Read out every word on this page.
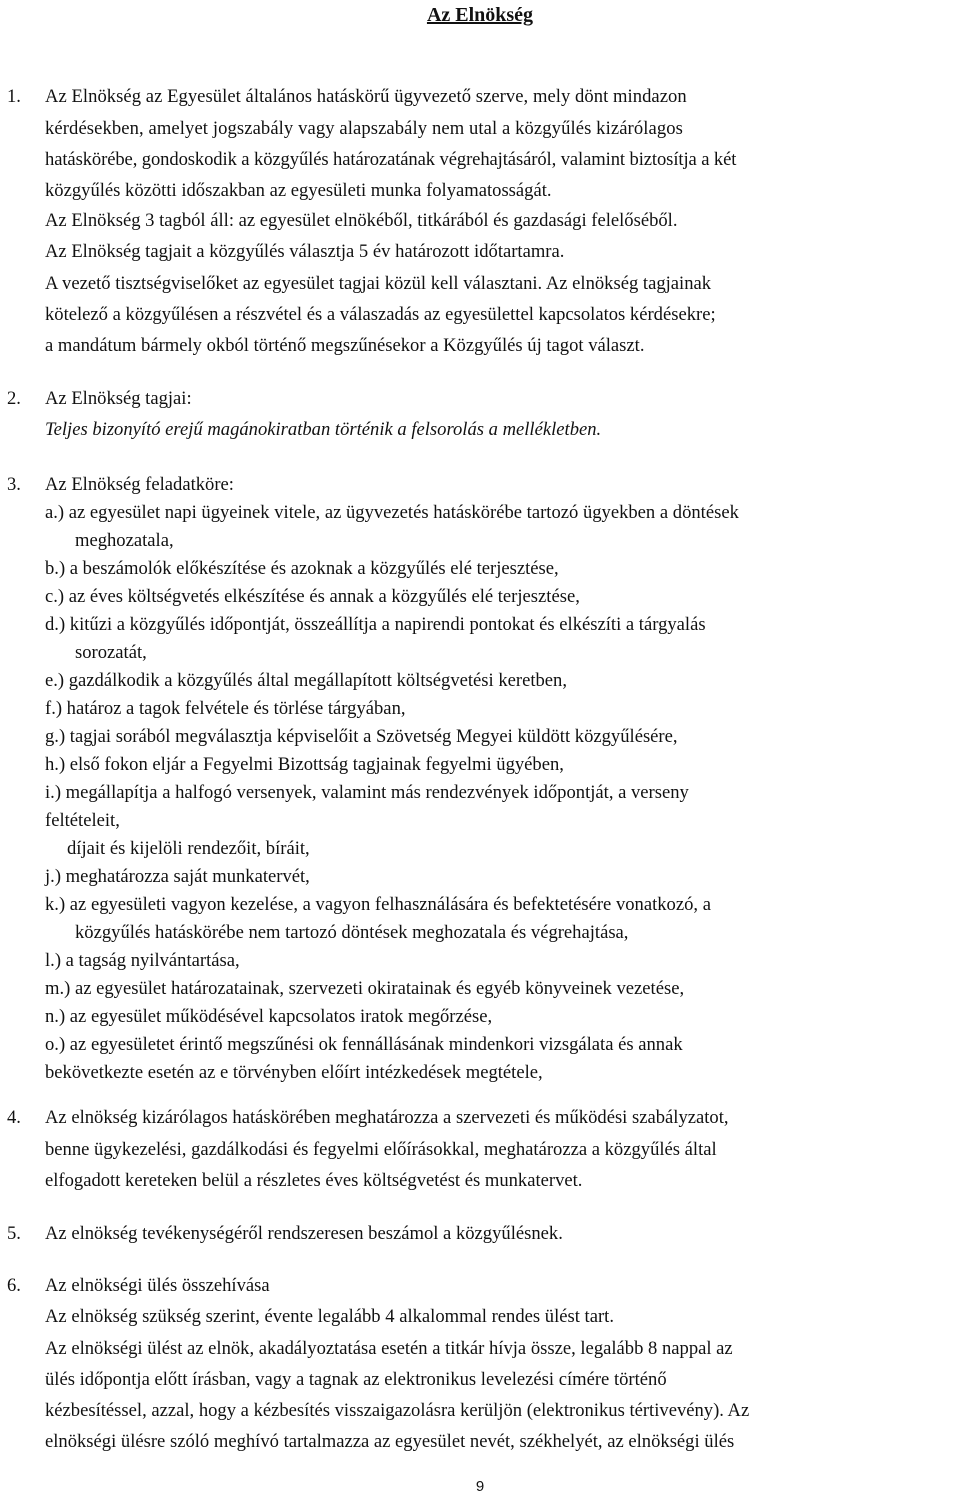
Az Elnökség
1. Az Elnökség az Egyesület általános hatáskörű ügyvezető szerve, mely dönt mindazon
kérdésekben, amelyet jogszabály vagy alapszabály nem utal a közgyűlés kizárólagos
hatáskörébe, gondoskodik a közgyűlés határozatának végrehajtásáról, valamint biztosítja a két
közgyűlés közötti időszakban az egyesületi munka folyamatosságát.
Az Elnökség 3 tagból áll: az egyesület elnökéből, titkárából és gazdasági felelőséből.
Az Elnökség tagjait a közgyűlés választja 5 év határozott időtartamra.
A vezető tisztségviselőket az egyesület tagjai közül kell választani. Az elnökség tagjainak
kötelező a közgyűlésen a részvétel és a válaszadás az egyesülettel kapcsolatos kérdésekre;
a mandátum bármely okból történő megszűnésekor a Közgyűlés új tagot választ.
2. Az Elnökség tagjai:
Teljes bizonyító erejű magánokiratban történik a felsorolás a mellékletben.
3. Az Elnökség feladatköre:
a.) az egyesület napi ügyeinek vitele, az ügyvezetés hatáskörébe tartozó ügyekben a döntések
meghozatala,
b.) a beszámolók előkészítése és azoknak a közgyűlés elé terjesztése,
c.) az éves költségvetés elkészítése és annak a közgyűlés elé terjesztése,
d.) kitűzi a közgyűlés időpontját, összeállítja a napirendi pontokat és elkészíti a tárgyalás
sorozatát,
e.) gazdálkodik a közgyűlés által megállapított költségvetési keretben,
f.) határoz a tagok felvétele és törlése tárgyában,
g.) tagjai sorából megválasztja képviselőit a Szövetség Megyei küldött közgyűlésére,
h.) első fokon eljár a Fegyelmi Bizottság tagjainak fegyelmi ügyében,
i.) megállapítja a halfogó versenyek, valamint más rendezvények időpontját, a verseny
feltételeit,
díjait és kijelöli rendezőit, bíráit,
j.) meghatározza saját munkatervét,
k.) az egyesületi vagyon kezelése, a vagyon felhasználására és befektetésére vonatkozó, a
közgyűlés hatáskörébe nem tartozó döntések meghozatala és végrehajtása,
l.) a tagság nyilvántartása,
m.) az egyesület határozatainak, szervezeti okiratainak és egyéb könyveinek vezetése,
n.) az egyesület működésével kapcsolatos iratok megőrzése,
o.) az egyesületet érintő megszűnési ok fennállásának mindenkori vizsgálata és annak
bekövetkezte esetén az e törvényben előírt intézkedések megtétele,
4. Az elnökség kizárólagos hatáskörében meghatározza a szervezeti és működési szabályzatot,
benne ügykezelési, gazdálkodási és fegyelmi előírásokkal, meghatározza a közgyűlés által
elfogadott kereteken belül a részletes éves költségvetést és munkatervet.
5. Az elnökség tevékenységéről rendszeresen beszámol a közgyűlésnek.
6. Az elnökségi ülés összehívása
Az elnökség szükség szerint, évente legalább 4 alkalommal rendes ülést tart.
Az elnökségi ülést az elnök, akadályoztatása esetén a titkár hívja össze, legalább 8 nappal az
ülés időpontja előtt írásban, vagy a tagnak az elektronikus levelezési címére történő
kézbesítéssel, azzal, hogy a kézbesítés visszaigazolásra kerüljön (elektronikus tértivevény). Az
elnökségi ülésre szóló meghívó tartalmazza az egyesület nevét, székhelyét, az elnökségi ülés
9
